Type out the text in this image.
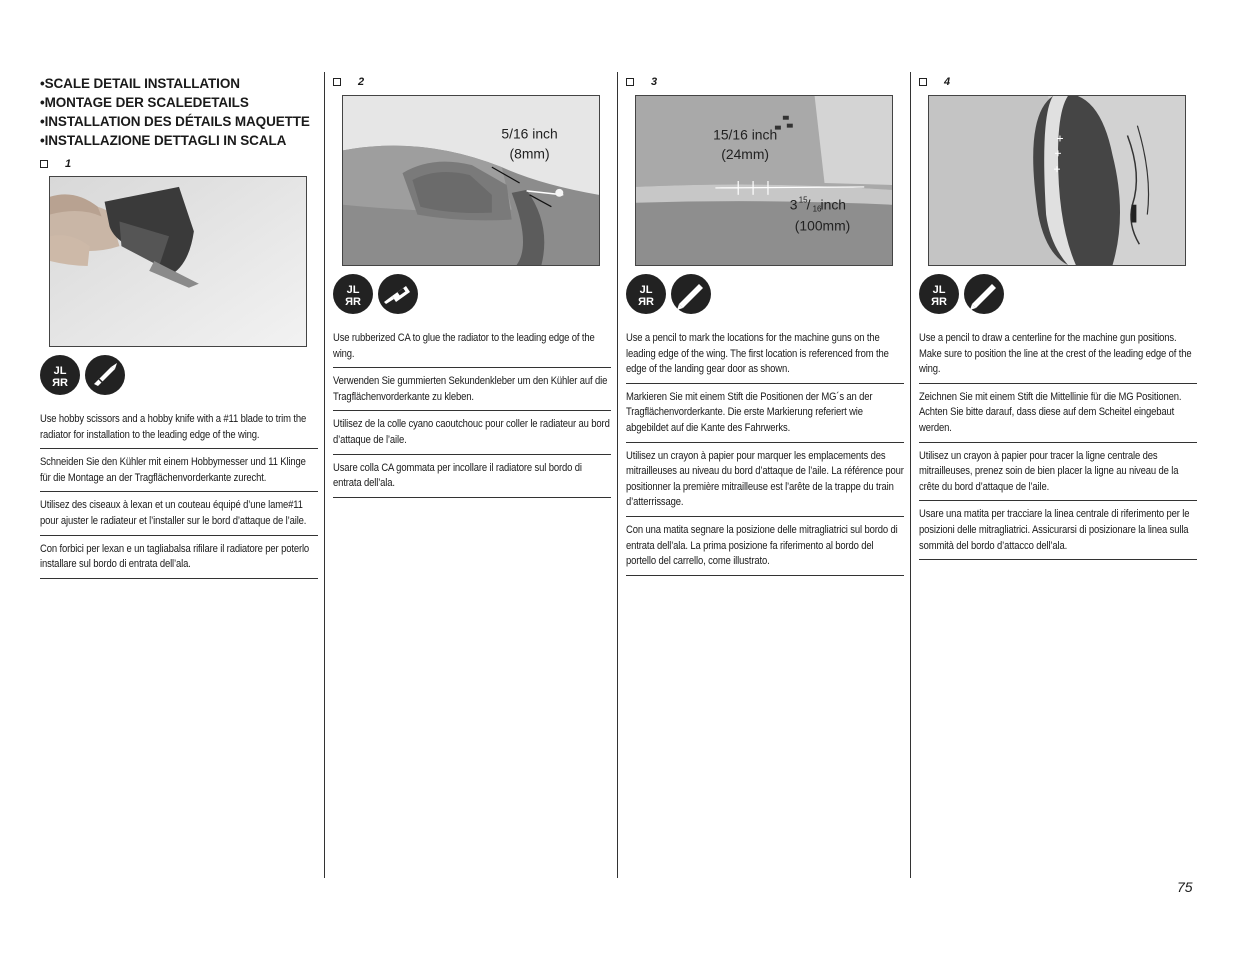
•SCALE DETAIL INSTALLATION
•MONTAGE DER SCALEDETAILS
•INSTALLATION DES DÉTAILS MAQUETTE
•INSTALLAZIONE DETTAGLI IN SCALA
1
JL
ЯR
Use hobby scissors and a hobby knife with a #11 blade to trim the radiator for installation to the leading edge of the wing.
Schneiden Sie den Kühler mit einem Hobbymesser und 11 Klinge für die Montage an der Tragflächenvorderkante zurecht.
Utilisez des ciseaux à lexan et un couteau équipé d’une lame#11 pour ajuster le radiateur et l’installer sur le bord d’attaque de l’aile.
Con forbici per lexan e un tagliabalsa rifilare il radiatore per poterlo installare sul bordo di entrata dell’ala.
2
5/16 inch
(8mm)
JL
ЯR
Use rubberized CA to glue the radiator to the leading edge of the wing.
Verwenden Sie gummierten Sekundenkleber um den Kühler auf die Tragflächenvorderkante zu kleben.
Utilisez de la colle cyano caoutchouc pour coller le radiateur au bord d’attaque de l’aile.
Usare colla CA gommata per incollare il radiatore sul bordo di entrata dell’ala.
3
15/16 inch
(24mm)
3 15 / 16 inch
(100mm)
JL
ЯR
Use a pencil to mark the locations for the machine guns on the leading edge of the wing. The first location is referenced from the edge of the landing gear door as shown.
Markieren Sie mit einem Stift die Positionen der MG´s an der Tragflächenvorderkante. Die erste Markierung referiert wie abgebildet auf die Kante des Fahrwerks.
Utilisez un crayon à papier pour marquer les emplacements des mitrailleuses au niveau du bord d’attaque de l’aile. La référence pour positionner la première mitrailleuse est l’arête de la trappe du train d’atterrissage.
Con una matita segnare la posizione delle mitragliatrici sul bordo di entrata dell’ala. La prima posizione fa riferimento al bordo del portello del carrello, come illustrato.
4
JL
ЯR
Use a pencil to draw a centerline for the machine gun positions. Make sure to position the line at the crest of the leading edge of the wing.
Zeichnen Sie mit einem Stift die Mittellinie für die MG Positionen. Achten Sie bitte darauf, dass diese auf dem Scheitel eingebaut werden.
Utilisez un crayon à papier pour tracer la ligne centrale des mitrailleuses, prenez soin de bien placer la ligne au niveau de la crête du bord d’attaque de l’aile.
Usare una matita per tracciare la linea centrale di riferimento per le posizioni delle mitragliatrici. Assicurarsi di posizionare la linea sulla sommità del bordo d’attacco dell’ala.
75
